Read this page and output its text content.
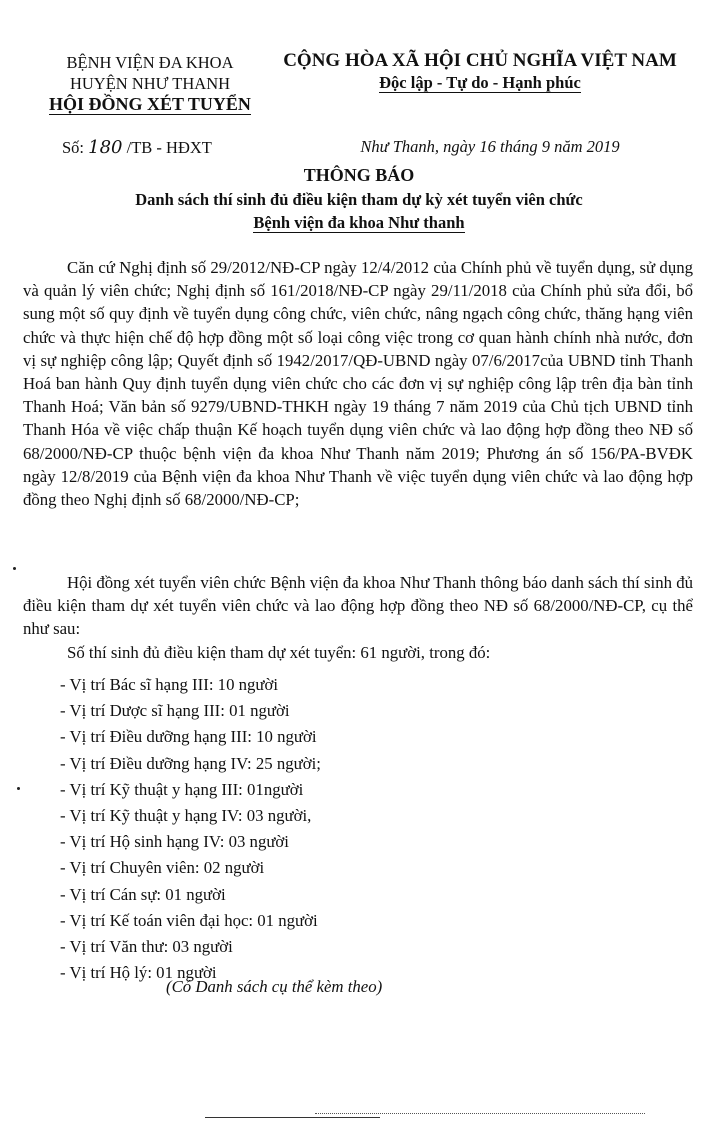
BỆNH VIỆN ĐA KHOA
HUYỆN NHƯ THANH
HỘI ĐỒNG XÉT TUYỂN
CỘNG HÒA XÃ HỘI CHỦ NGHĨA VIỆT NAM
Độc lập - Tự do - Hạnh phúc
Số: 180 /TB - HĐXT	Như Thanh, ngày 16 tháng 9 năm 2019
THÔNG BÁO
Danh sách thí sinh đủ điều kiện tham dự kỳ xét tuyển viên chức
Bệnh viện đa khoa Như thanh
Căn cứ Nghị định số 29/2012/NĐ-CP ngày 12/4/2012 của Chính phủ về tuyển dụng, sử dụng và quản lý viên chức; Nghị định số 161/2018/NĐ-CP ngày 29/11/2018 của Chính phủ sửa đổi, bổ sung một số quy định về tuyển dụng công chức, viên chức, nâng ngạch công chức, thăng hạng viên chức và thực hiện chế độ hợp đồng một số loại công việc trong cơ quan hành chính nhà nước, đơn vị sự nghiệp công lập; Quyết định số 1942/2017/QĐ-UBND ngày 07/6/2017của UBND tỉnh Thanh Hoá ban hành Quy định tuyển dụng viên chức cho các đơn vị sự nghiệp công lập trên địa bàn tỉnh Thanh Hoá; Văn bản số 9279/UBND-THKH ngày 19 tháng 7 năm 2019 của Chủ tịch UBND tỉnh Thanh Hóa về việc chấp thuận Kế hoạch tuyển dụng viên chức và lao động hợp đồng theo NĐ số 68/2000/NĐ-CP thuộc bệnh viện đa khoa Như Thanh năm 2019; Phương án số 156/PA-BVĐK ngày 12/8/2019 của Bệnh viện đa khoa Như Thanh về việc tuyển dụng viên chức và lao động hợp đồng theo Nghị định số 68/2000/NĐ-CP;
Hội đồng xét tuyển viên chức Bệnh viện đa khoa Như Thanh thông báo danh sách thí sinh đủ điều kiện tham dự xét tuyển viên chức và lao động hợp đồng theo NĐ số 68/2000/NĐ-CP, cụ thể như sau:
Số thí sinh đủ điều kiện tham dự xét tuyển: 61 người, trong đó:
- Vị trí Bác sĩ hạng III: 10 người
- Vị trí Dược sĩ hạng III: 01 người
- Vị trí Điều dưỡng hạng III: 10 người
- Vị trí Điều dưỡng hạng IV: 25 người;
- Vị trí Kỹ thuật y hạng III: 01người
- Vị trí Kỹ thuật y hạng IV: 03 người,
- Vị trí Hộ sinh hạng IV: 03 người
- Vị trí Chuyên viên: 02 người
- Vị trí Cán sự: 01 người
- Vị trí Kế toán viên đại học: 01 người
- Vị trí Văn thư: 03 người
- Vị trí Hộ lý: 01 người
(Có Danh sách cụ thể kèm theo)
